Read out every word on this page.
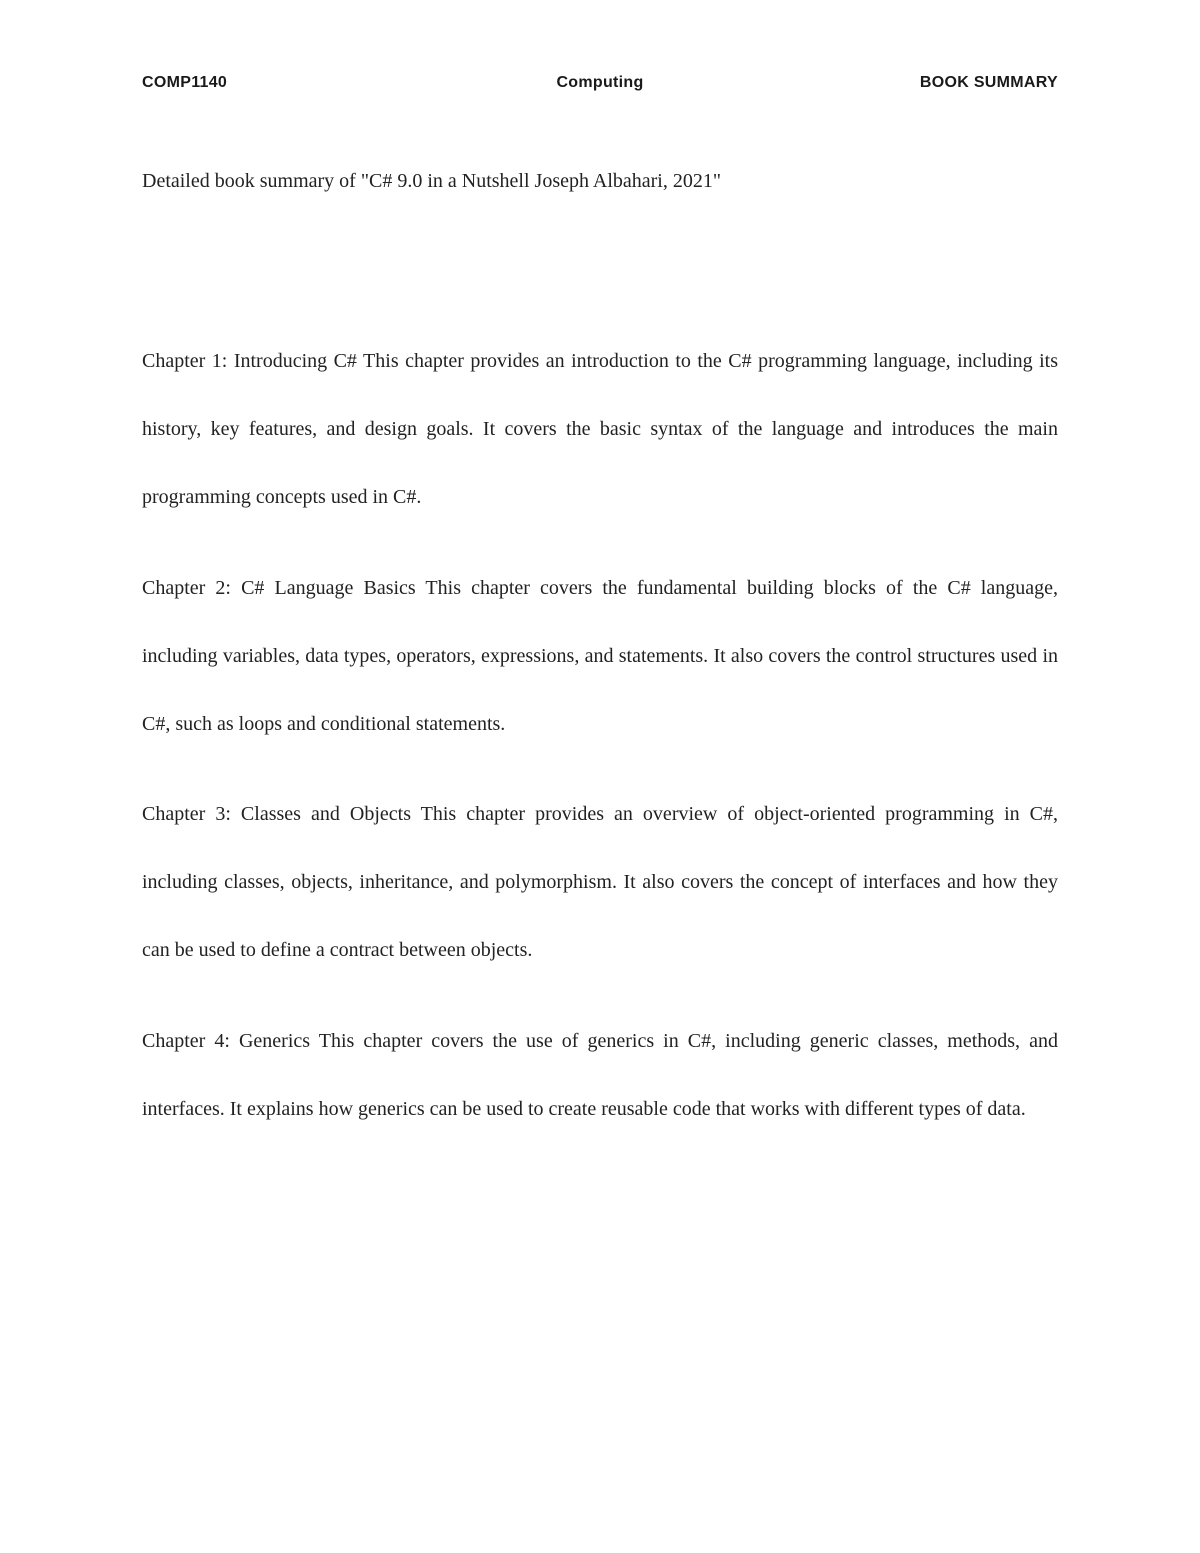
COMP1140	Computing	BOOK SUMMARY
Detailed book summary of "C# 9.0 in a Nutshell Joseph Albahari, 2021"

Chapter 1: Introducing C# This chapter provides an introduction to the C# programming language, including its history, key features, and design goals. It covers the basic syntax of the language and introduces the main programming concepts used in C#.

Chapter 2: C# Language Basics This chapter covers the fundamental building blocks of the C# language, including variables, data types, operators, expressions, and statements. It also covers the control structures used in C#, such as loops and conditional statements.

Chapter 3: Classes and Objects This chapter provides an overview of object-oriented programming in C#, including classes, objects, inheritance, and polymorphism. It also covers the concept of interfaces and how they can be used to define a contract between objects.

Chapter 4: Generics This chapter covers the use of generics in C#, including generic classes, methods, and interfaces. It explains how generics can be used to create reusable code that works with different types of data.
